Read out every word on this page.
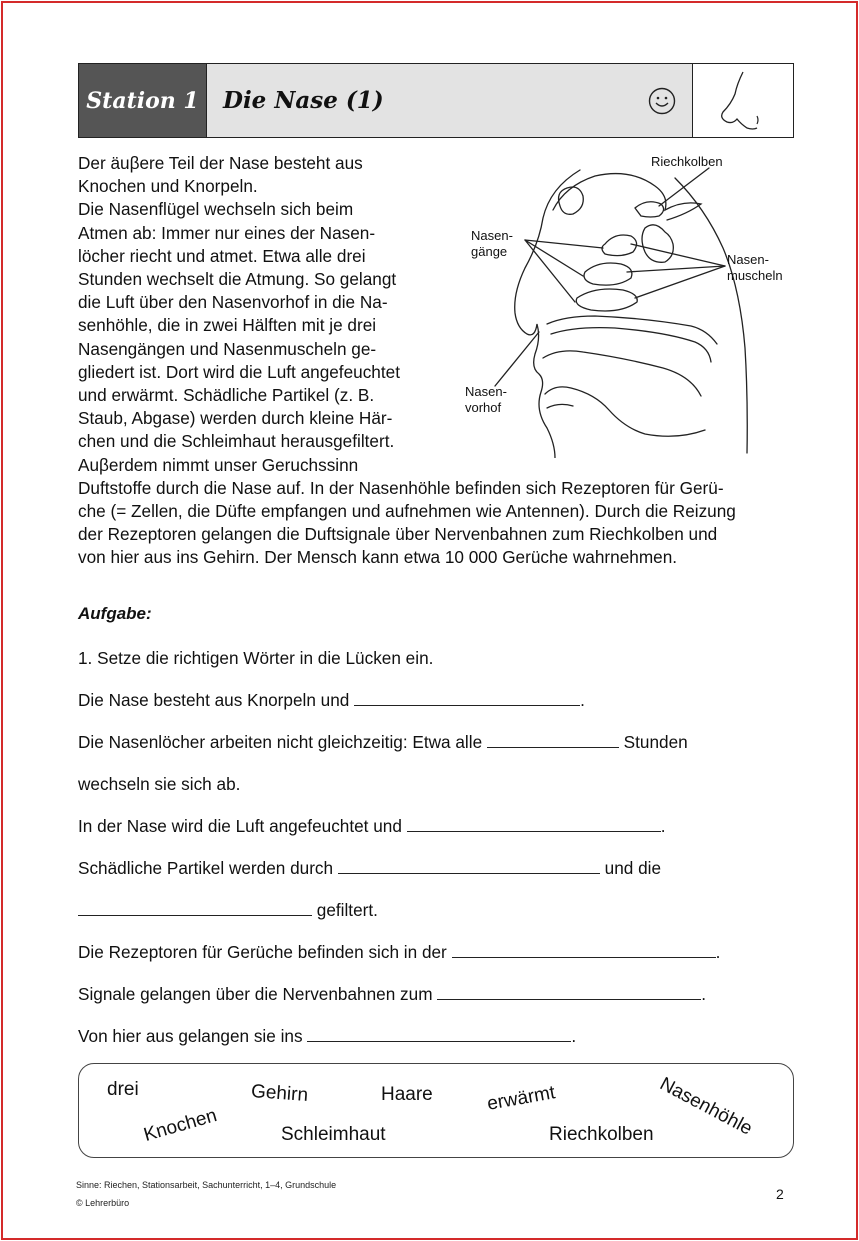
Station 1	Die Nase (1)

Der äuβere Teil der Nase besteht aus

Knochen und Knorpeln.

Die Nasenflügel wechseln sich beim

Atmen ab: Immer nur eines der Nasen-

löcher riecht und atmet. Etwa alle drei

Stunden wechselt die Atmung. So gelangt

die Luft über den Nasenvorhof in die Na-

senhöhle, die in zwei Hälften mit je drei

Nasengängen und Nasenmuscheln ge-

gliedert ist. Dort wird die Luft angefeuchtet

und erwärmt. Schädliche Partikel (z. B.

Staub, Abgase) werden durch kleine Här-

chen und die Schleimhaut herausgefiltert.

Auβerdem nimmt unser Geruchssinn

Duftstoffe durch die Nase auf. In der Nasenhöhle befinden sich Rezeptoren für Gerü-

che (= Zellen, die Düfte empfangen und aufnehmen wie Antennen). Durch die Reizung

der Rezeptoren gelangen die Duftsignale über Nervenbahnen zum Riechkolben und

von hier aus ins Gehirn. Der Mensch kann etwa 10 000 Gerüche wahrnehmen.

Riechkolben
Nasen-
gänge
Nasen-
muscheln
Nasen-
vorhof
Aufgabe:
1. Setze die richtigen Wörter in die Lücken ein.
Die Nase besteht aus Knorpeln und	.
Die Nasenlöcher arbeiten nicht gleichzeitig: Etwa alle	Stunden
wechseln sie sich ab.
In der Nase wird die Luft angefeuchtet und	.
Schädliche Partikel werden durch	und die
gefiltert.
Die Rezeptoren für Gerüche befinden sich in der	.
Signale gelangen über die Nervenbahnen zum	.
Von hier aus gelangen sie ins	.
drei	Gehirn	Haare	erwärmt	Nasenhöhle
Knochen	Schleimhaut	Riechkolben
Sinne: Riechen, Stationsarbeit, Sachunterricht, 1–4, Grundschule
© Lehrerbüro
2
